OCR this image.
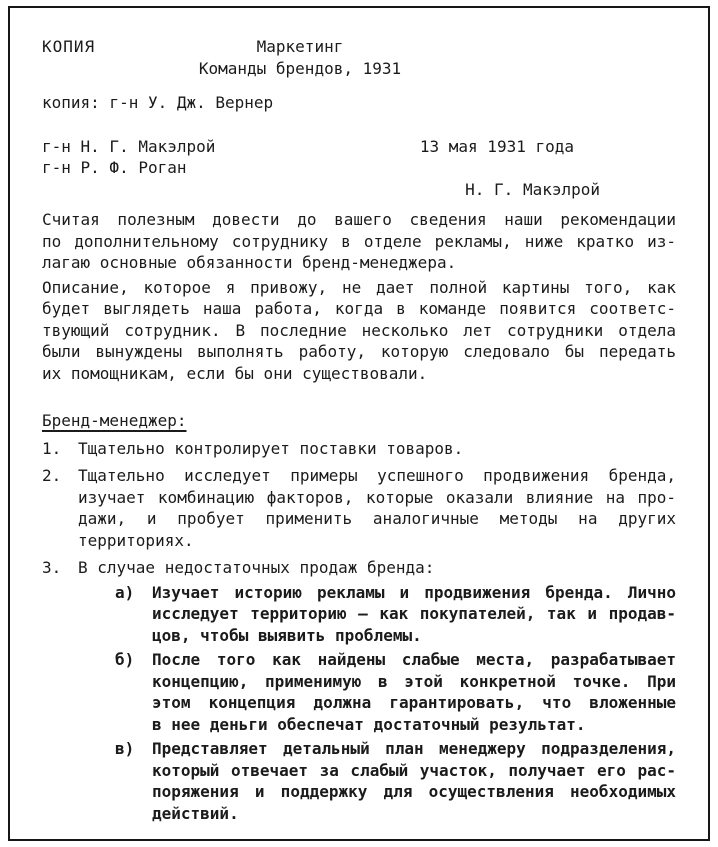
КОПИЯ	Маркетинг
Команды брендов, 1931
копия: г-н У. Дж. Вернер
г-н Н. Г. Макэлрой
г-н Р. Ф. Роган
13 мая 1931 года
Н. Г. Макэлрой
Считая полезным довести до вашего сведения наши рекомендации
по дополнительному сотруднику в отделе рекламы, ниже кратко из-
лагаю основные обязанности бренд-менеджера.
Описание, которое я привожу, не дает полной картины того, как
будет выглядеть наша работа, когда в команде появится соответс-
твующий сотрудник. В последние несколько лет сотрудники отдела
были вынуждены выполнять работу, которую следовало бы передать
их помощникам, если бы они существовали.
Бренд-менеджер:
1.	Тщательно контролирует поставки товаров.
2.	Тщательно исследует примеры успешного продвижения бренда,
изучает комбинацию факторов, которые оказали влияние на про-
дажи, и пробует применить аналогичные методы на других
территориях.
3.	В случае недостаточных продаж бренда:
а)	Изучает историю рекламы и продвижения бренда. Лично
исследует территорию — как покупателей, так и продав-
цов, чтобы выявить проблемы.
б)	После того как найдены слабые места, разрабатывает
концепцию, применимую в этой конкретной точке. При
этом концепция должна гарантировать, что вложенные
в нее деньги обеспечат достаточный результат.
в)	Представляет детальный план менеджеру подразделения,
который отвечает за слабый участок, получает его рас-
поряжения и поддержку для осуществления необходимых
действий.
